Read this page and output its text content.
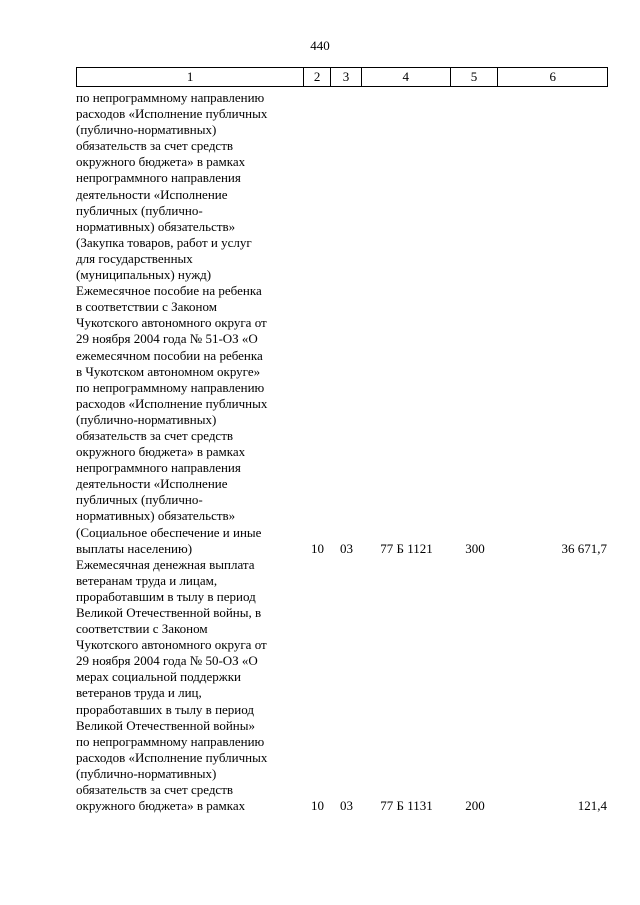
440
1	2	3	4	5	6
по непрограммному направлению
расходов «Исполнение публичных
(публично-нормативных)
обязательств за счет средств
окружного бюджета» в рамках
непрограммного направления
деятельности «Исполнение
публичных (публично-
нормативных) обязательств»
(Закупка товаров, работ и услуг
для государственных
(муниципальных) нужд)
Ежемесячное пособие на ребенка
в соответствии с Законом
Чукотского автономного округа от
29 ноября 2004 года № 51-ОЗ «О
ежемесячном пособии на ребенка
в Чукотском автономном округе»
по непрограммному направлению
расходов «Исполнение публичных
(публично-нормативных)
обязательств за счет средств
окружного бюджета» в рамках
непрограммного направления
деятельности «Исполнение
публичных (публично-
нормативных) обязательств»
(Социальное обеспечение и иные
выплаты населению)	10	03	77 Б 1121	300	36 671,7
Ежемесячная денежная выплата
ветеранам труда и лицам,
проработавшим в тылу в период
Великой Отечественной войны, в
соответствии с Законом
Чукотского автономного округа от
29 ноября 2004 года № 50-ОЗ «О
мерах социальной поддержки
ветеранов труда и лиц,
проработавших в тылу в период
Великой Отечественной войны»
по непрограммному направлению
расходов «Исполнение публичных
(публично-нормативных)
обязательств за счет средств
окружного бюджета» в рамках	10	03	77 Б 1131	200	121,4
